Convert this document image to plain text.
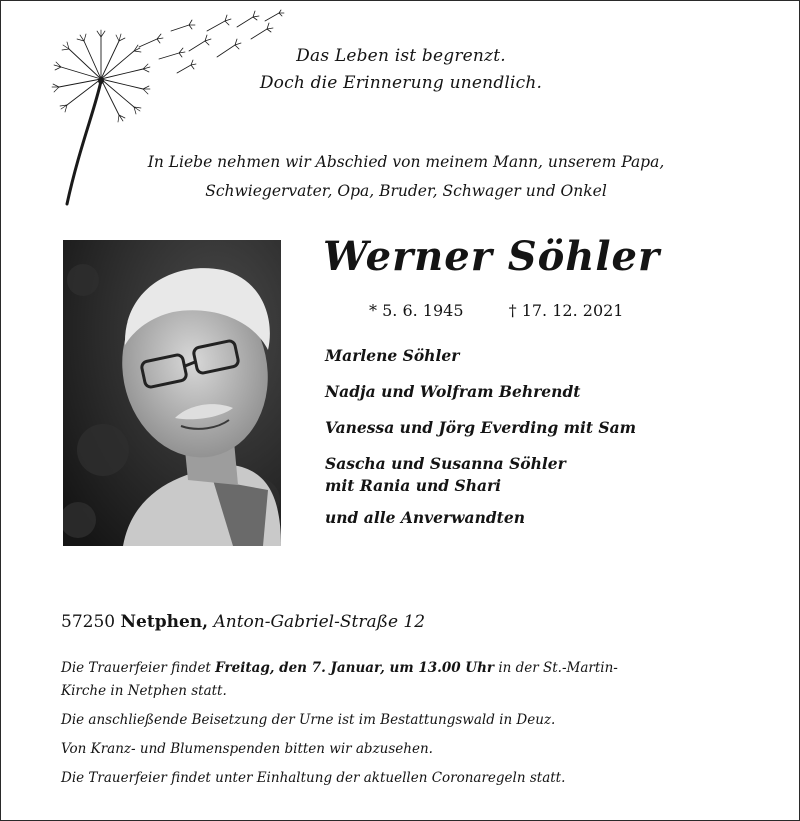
Das Leben ist begrenzt.
Doch die Erinnerung unendlich.
In Liebe nehmen wir Abschied von meinem Mann, unserem Papa,
Schwiegervater, Opa, Bruder, Schwager und Onkel
Werner Söhler
* 5. 6. 1945	† 17. 12. 2021
Marlene Söhler
Nadja und Wolfram Behrendt
Vanessa und Jörg Everding mit Sam
Sascha und Susanna Söhler
mit Rania und Shari
und alle Anverwandten
57250 Netphen, Anton-Gabriel-Straße 12

Die Trauerfeier findet Freitag, den 7. Januar, um 13.00 Uhr in der St.-Martin-
Kirche in Netphen statt.

Die anschließende Beisetzung der Urne ist im Bestattungswald in Deuz.

Von Kranz- und Blumenspenden bitten wir abzusehen.

Die Trauerfeier findet unter Einhaltung der aktuellen Coronaregeln statt.
